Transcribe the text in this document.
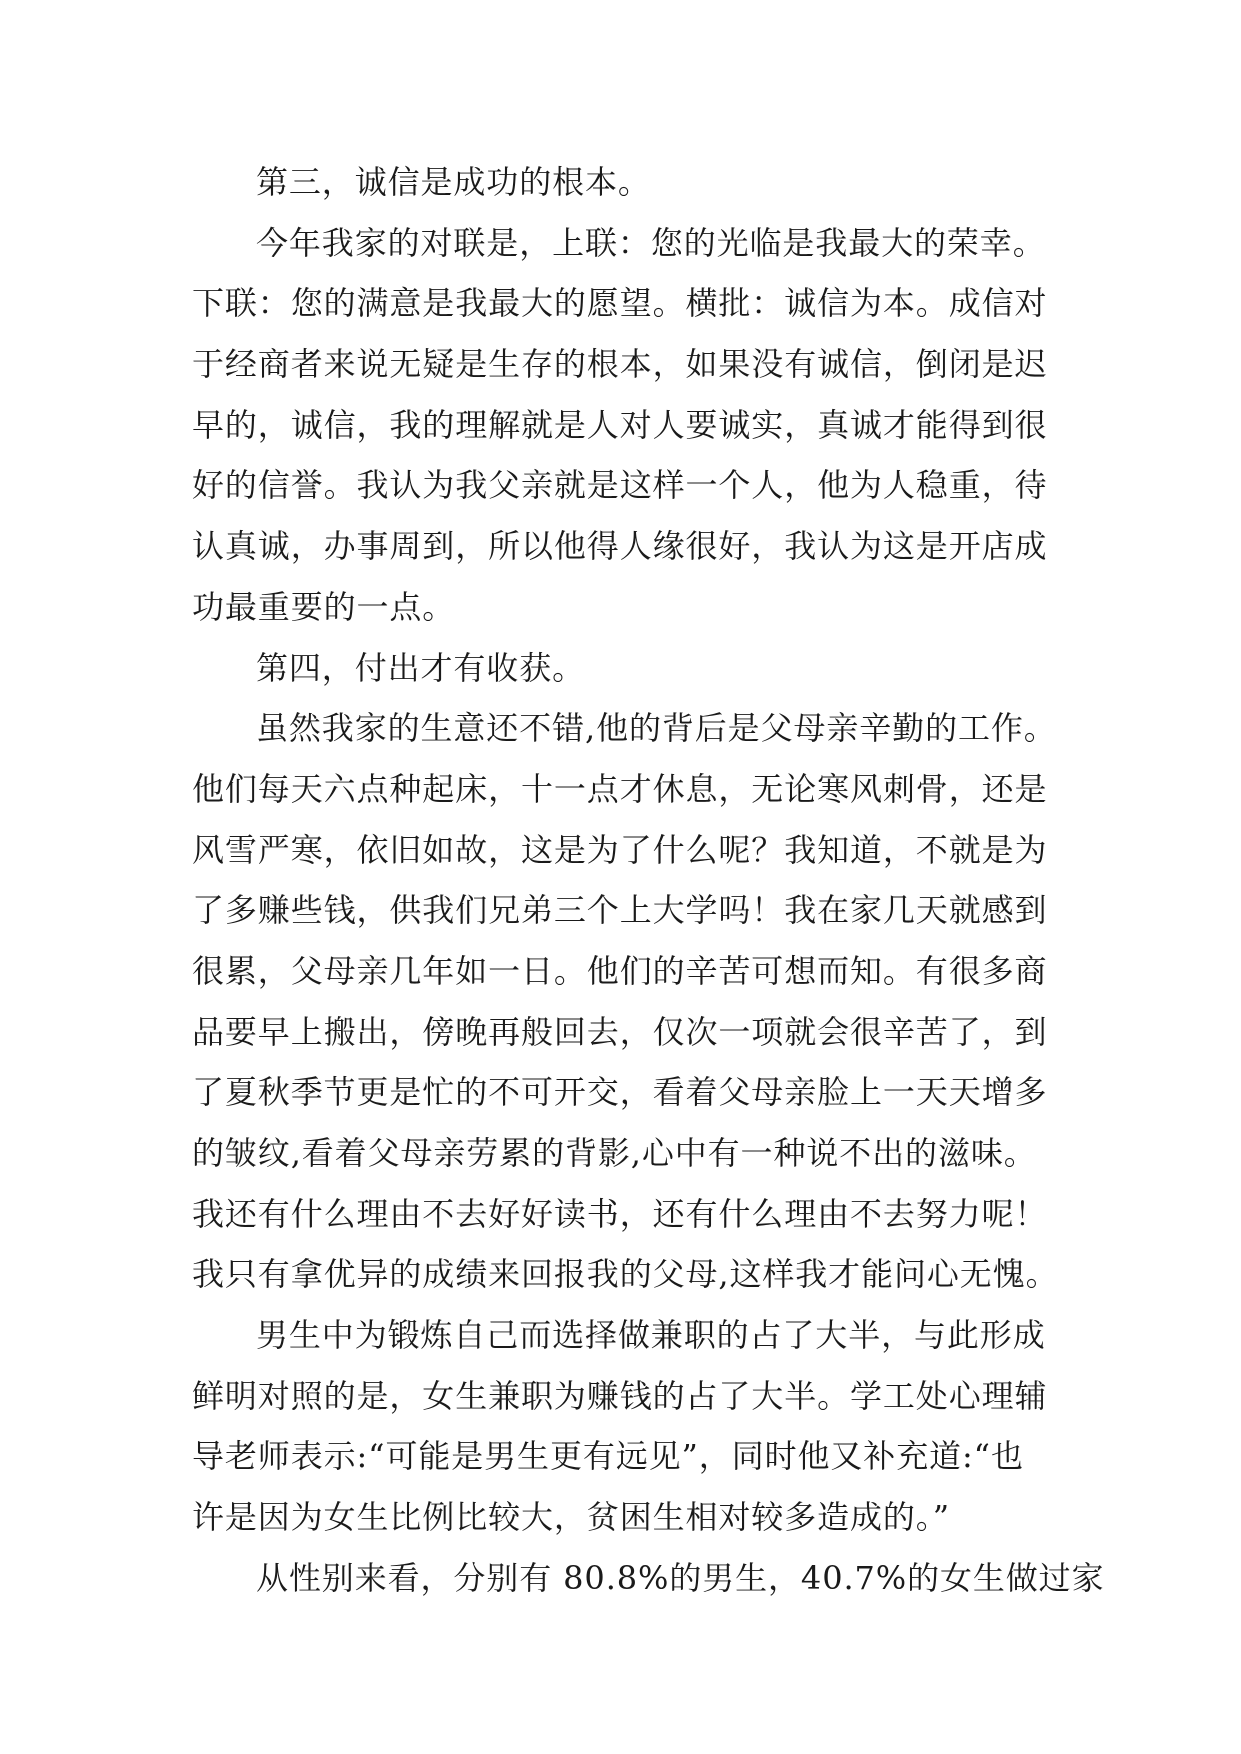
第三，诚信是成功的根本。
今年我家的对联是，上联：您的光临是我最大的荣幸。
下联：您的满意是我最大的愿望。横批：诚信为本。成信对
于经商者来说无疑是生存的根本，如果没有诚信，倒闭是迟
早的，诚信，我的理解就是人对人要诚实，真诚才能得到很
好的信誉。我认为我父亲就是这样一个人，他为人稳重，待
认真诚，办事周到，所以他得人缘很好，我认为这是开店成
功最重要的一点。
第四，付出才有收获。
虽然我家的生意还不错,他的背后是父母亲辛勤的工作。
他们每天六点种起床，十一点才休息，无论寒风刺骨，还是
风雪严寒，依旧如故，这是为了什么呢？我知道，不就是为
了多赚些钱，供我们兄弟三个上大学吗！我在家几天就感到
很累，父母亲几年如一日。他们的辛苦可想而知。有很多商
品要早上搬出，傍晚再般回去，仅次一项就会很辛苦了，到
了夏秋季节更是忙的不可开交，看着父母亲脸上一天天增多
的皱纹,看着父母亲劳累的背影,心中有一种说不出的滋味。
我还有什么理由不去好好读书，还有什么理由不去努力呢！
我只有拿优异的成绩来回报我的父母,这样我才能问心无愧。
男生中为锻炼自己而选择做兼职的占了大半，与此形成
鲜明对照的是，女生兼职为赚钱的占了大半。学工处心理辅
导老师表示:“可能是男生更有远见”，同时他又补充道:“也
许是因为女生比例比较大，贫困生相对较多造成的。”
从性别来看，分别有 80.8%的男生，40.7%的女生做过家
